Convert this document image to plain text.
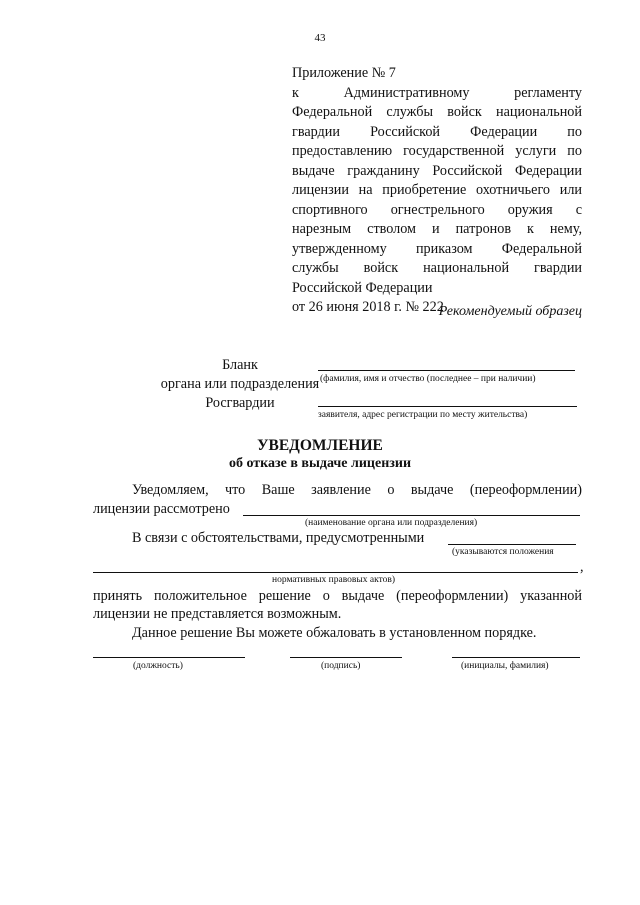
43
Приложение № 7
к Административному регламенту
Федеральной службы войск национальной
гвардии Российской Федерации по
предоставлению государственной услуги по
выдаче гражданину Российской Федерации
лицензии на приобретение охотничьего или
спортивного огнестрельного оружия с
нарезным стволом и патронов к нему,
утвержденному приказом Федеральной
службы войск национальной гвардии
Российской Федерации
от 26 июня 2018 г. № 222
Рекомендуемый образец
Бланк
органа или подразделения
Росгвардии
(фамилия, имя и отчество (последнее – при наличии)
заявителя, адрес регистрации по месту жительства)
УВЕДОМЛЕНИЕ
об отказе в выдаче лицензии
Уведомляем, что Ваше заявление о выдаче (переоформлении)
лицензии рассмотрено
(наименование органа или подразделения)
В связи с обстоятельствами, предусмотренными
(указываются положения
,
нормативных правовых актов)
принять положительное решение о выдаче (переоформлении) указанной
лицензии не представляется возможным.
Данное решение Вы можете обжаловать в установленном порядке.
(должность)	(подпись)	(инициалы, фамилия)
